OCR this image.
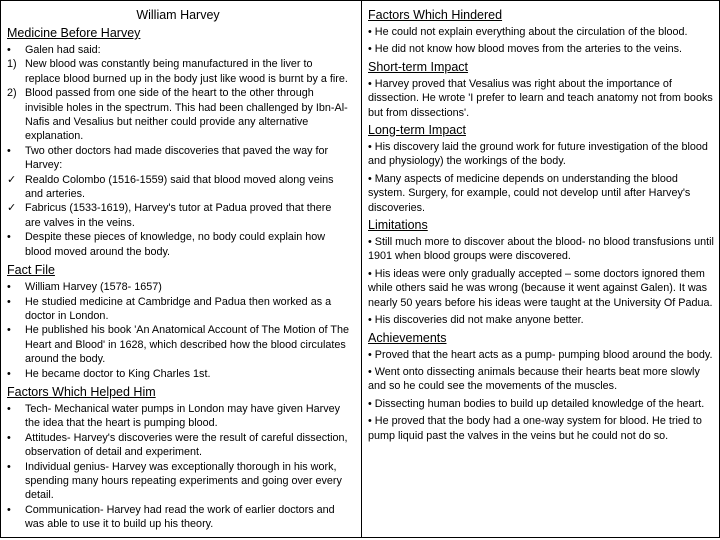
William Harvey
Medicine Before Harvey
• Galen had said:
1) New blood was constantly being manufactured in the liver to replace blood burned up in the body just like wood is burnt by a fire.
2) Blood passed from one side of the heart to the other through invisible holes in the spectrum. This had been challenged by Ibn-Al-Nafis and Vesalius but neither could provide any alternative explanation.
• Two other doctors had made discoveries that paved the way for Harvey:
✓ Realdo Colombo (1516-1559) said that blood moved along veins and arteries.
✓ Fabricus (1533-1619), Harvey's tutor at Padua proved that there are valves in the veins.
• Despite these pieces of knowledge, no body could explain how blood moved around the body.
Fact File
• William Harvey (1578- 1657)
• He studied medicine at Cambridge and Padua then worked as a doctor in London.
• He published his book 'An Anatomical Account of The Motion of The Heart and Blood' in 1628, which described how the blood circulates around the body.
• He became doctor to King Charles 1st.
Factors Which Helped Him
• Tech- Mechanical water pumps in London may have given Harvey the idea that the heart is pumping blood.
• Attitudes- Harvey's discoveries were the result of careful dissection, observation of detail and experiment.
• Individual genius- Harvey was exceptionally thorough in his work, spending many hours repeating experiments and going over every detail.
• Communication- Harvey had read the work of earlier doctors and was able to use it to build up his theory.
Factors Which Hindered

• He could not explain everything about the circulation of the blood.

• He did not know how blood moves from the arteries to the veins.

Short-term Impact

• Harvey proved that Vesalius was right about the importance of dissection. He wrote 'I prefer to learn and teach anatomy not from books but from dissections'.

Long-term Impact

• His discovery laid the ground work for future investigation of the blood and physiology) the workings of the body.

• Many aspects of medicine depends on understanding the blood system. Surgery, for example, could not develop until after Harvey's discoveries.

Limitations

• Still much more to discover about the blood- no blood transfusions until 1901 when blood groups were discovered.

• His ideas were only gradually accepted – some doctors ignored them while others said he was wrong (because it went against Galen). It was nearly 50 years before his ideas were taught at the University Of Padua.

• His discoveries did not make anyone better.

Achievements

• Proved that the heart acts as a pump- pumping blood around the body.

• Went onto dissecting animals because their hearts beat more slowly and so he could see the movements of the muscles.

• Dissecting human bodies to build up detailed knowledge of the heart.

• He proved that the body had a one-way system for blood. He tried to pump liquid past the valves in the veins but he could not do so.
